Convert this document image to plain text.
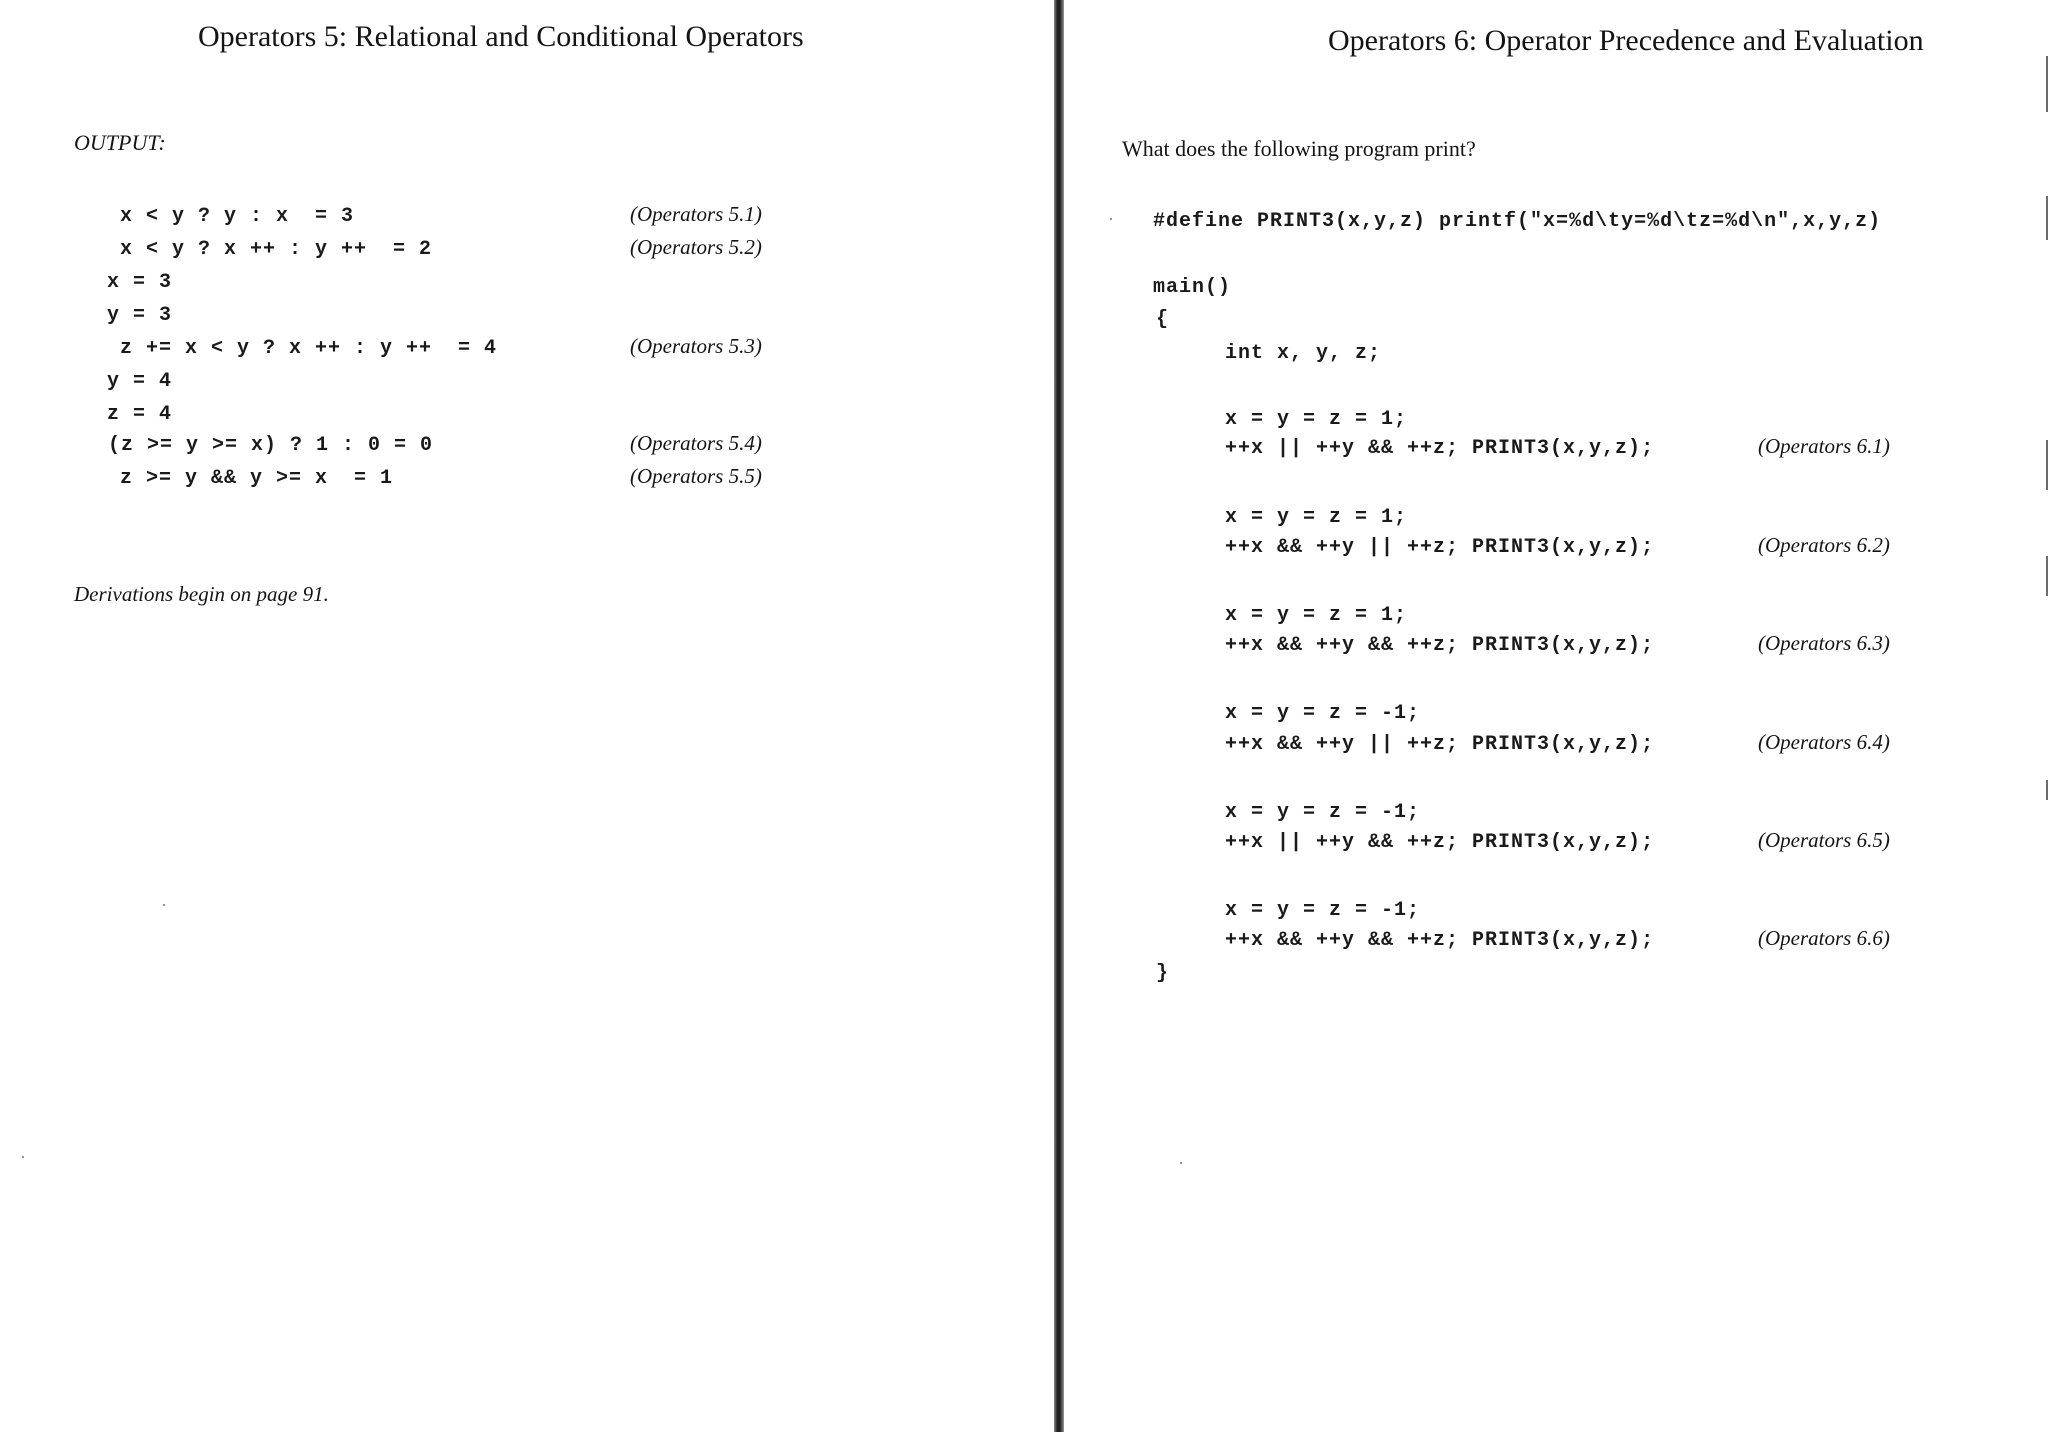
Operators 5: Relational and Conditional Operators
OUTPUT:
x < y ? y : x  = 3	(Operators 5.1)
x < y ? x ++ : y ++  = 2	(Operators 5.2)
x = 3
y = 3
z += x < y ? x ++ : y ++  = 4	(Operators 5.3)
y = 4
z = 4
(z >= y >= x) ? 1 : 0 = 0	(Operators 5.4)
z >= y && y >= x  = 1	(Operators 5.5)
Derivations begin on page 91.
Operators 6: Operator Precedence and Evaluation
What does the following program print?
#define PRINT3(x,y,z) printf("x=%d\ty=%d\tz=%d\n",x,y,z)
main()
{
int x, y, z;
x = y = z = 1;
++x || ++y && ++z; PRINT3(x,y,z);	(Operators 6.1)
x = y = z = 1;
++x && ++y || ++z; PRINT3(x,y,z);	(Operators 6.2)
x = y = z = 1;
++x && ++y && ++z; PRINT3(x,y,z);	(Operators 6.3)
x = y = z = -1;
++x && ++y || ++z; PRINT3(x,y,z);	(Operators 6.4)
x = y = z = -1;
++x || ++y && ++z; PRINT3(x,y,z);	(Operators 6.5)
x = y = z = -1;
++x && ++y && ++z; PRINT3(x,y,z);	(Operators 6.6)
}
